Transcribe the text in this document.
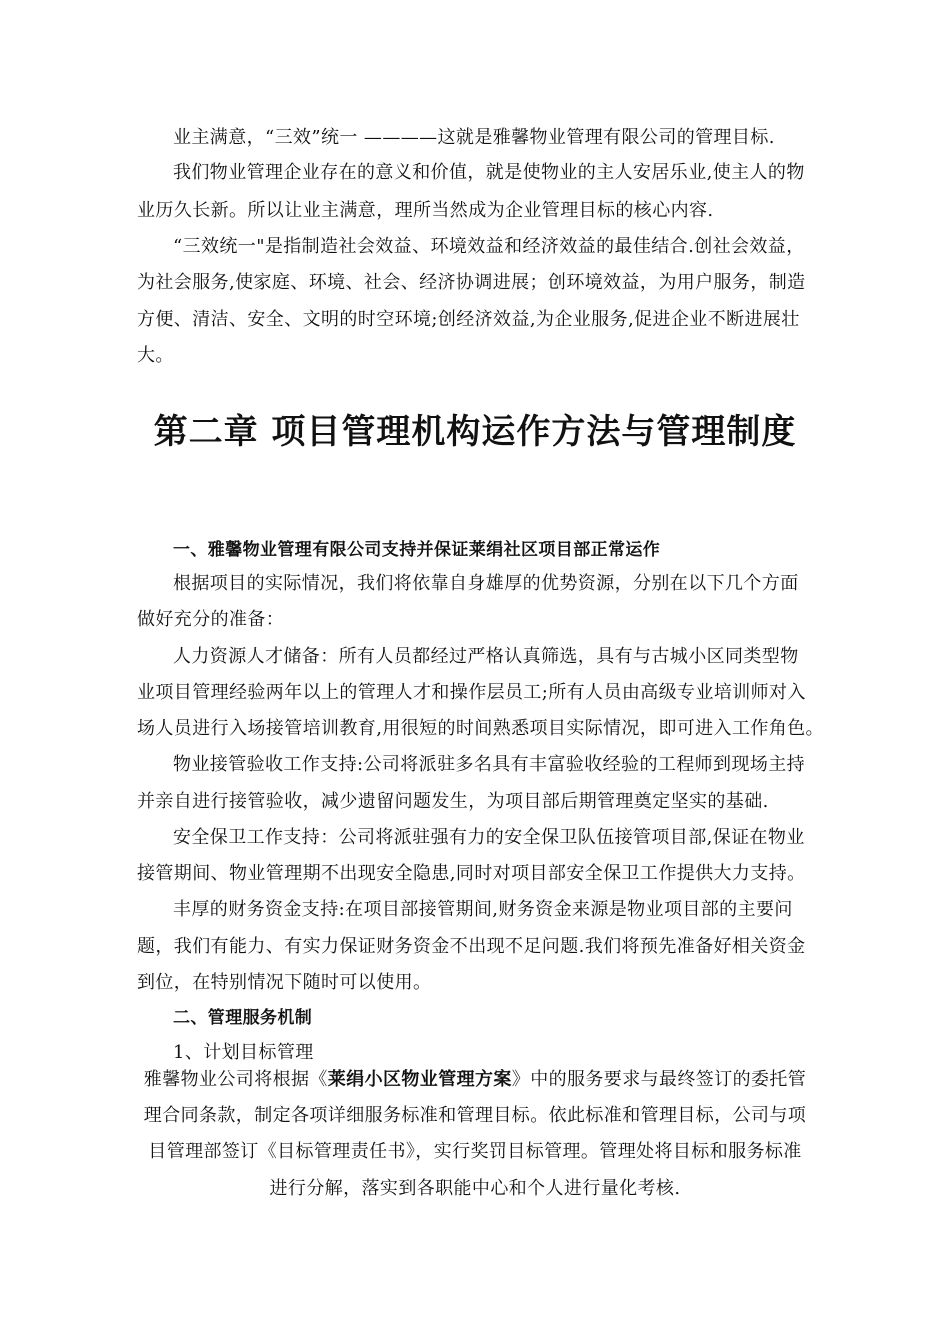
业主满意，“三效”统一 ————这就是雅馨物业管理有限公司的管理目标.
我们物业管理企业存在的意义和价值，就是使物业的主人安居乐业,使主人的物
业历久长新。所以让业主满意，理所当然成为企业管理目标的核心内容.
“三效统一"是指制造社会效益、环境效益和经济效益的最佳结合.创社会效益，
为社会服务,使家庭、环境、社会、经济协调进展；创环境效益，为用户服务，制造
方便、清洁、安全、文明的时空环境;创经济效益,为企业服务,促进企业不断进展壮
大。
第二章 项目管理机构运作方法与管理制度
一、雅馨物业管理有限公司支持并保证莱绢社区项目部正常运作
根据项目的实际情况，我们将依靠自身雄厚的优势资源，分别在以下几个方面
做好充分的准备：
人力资源人才储备：所有人员都经过严格认真筛选，具有与古城小区同类型物
业项目管理经验两年以上的管理人才和操作层员工;所有人员由高级专业培训师对入
场人员进行入场接管培训教育,用很短的时间熟悉项目实际情况，即可进入工作角色。
物业接管验收工作支持:公司将派驻多名具有丰富验收经验的工程师到现场主持
并亲自进行接管验收，减少遗留问题发生，为项目部后期管理奠定坚实的基础.
安全保卫工作支持：公司将派驻强有力的安全保卫队伍接管项目部,保证在物业
接管期间、物业管理期不出现安全隐患,同时对项目部安全保卫工作提供大力支持。
丰厚的财务资金支持:在项目部接管期间,财务资金来源是物业项目部的主要问
题，我们有能力、有实力保证财务资金不出现不足问题.我们将预先准备好相关资金
到位，在特别情况下随时可以使用。
二、管理服务机制
1、计划目标管理
雅馨物业公司将根据《莱绢小区物业管理方案》中的服务要求与最终签订的委托管
理合同条款，制定各项详细服务标准和管理目标。依此标准和管理目标，公司与项
目管理部签订《目标管理责任书》，实行奖罚目标管理。管理处将目标和服务标准
进行分解，落实到各职能中心和个人进行量化考核.
